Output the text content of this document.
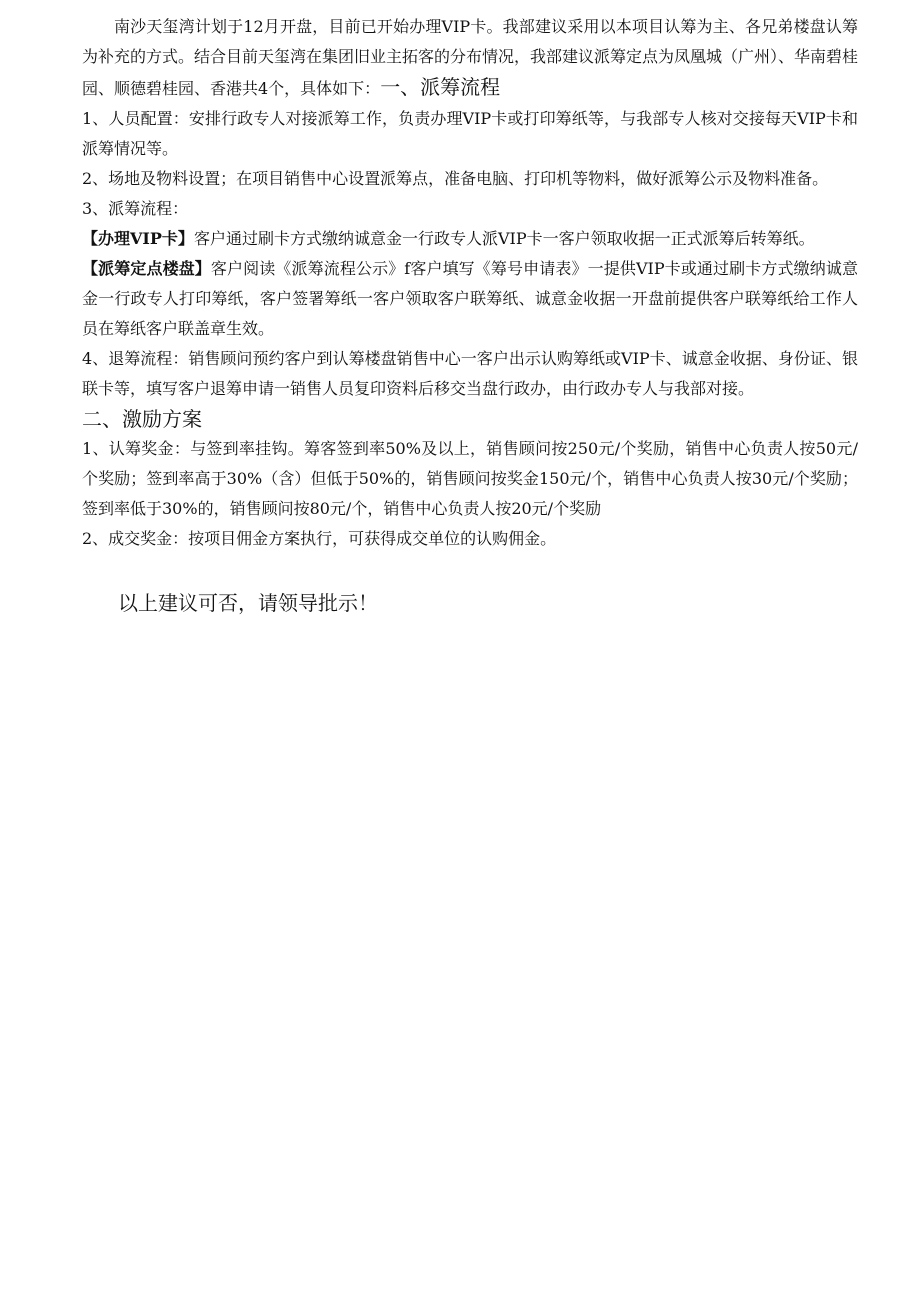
南沙天玺湾计划于12月开盘，目前已开始办理VIP卡。我部建议采用以本项目认筹为主、各兄弟楼盘认筹为补充的方式。结合目前天玺湾在集团旧业主拓客的分布情况，我部建议派筹定点为凤凰城（广州）、华南碧桂园、顺德碧桂园、香港共4个，具体如下：一、派筹流程

1、人员配置：安排行政专人对接派筹工作，负责办理VIP卡或打印筹纸等，与我部专人核对交接每天VIP卡和派筹情况等。

2、场地及物料设置；在项目销售中心设置派筹点，准备电脑、打印机等物料，做好派筹公示及物料准备。

3、派筹流程：

【办理VIP卡】客户通过刷卡方式缴纳诚意金一行政专人派VIP卡一客户领取收据一正式派筹后转筹纸。

【派筹定点楼盘】客户阅读《派筹流程公示》f客户填写《筹号申请表》一提供VIP卡或通过刷卡方式缴纳诚意金一行政专人打印筹纸，客户签署筹纸一客户领取客户联筹纸、诚意金收据一开盘前提供客户联筹纸给工作人员在筹纸客户联盖章生效。

4、退筹流程：销售顾问预约客户到认筹楼盘销售中心一客户出示认购筹纸或VIP卡、诚意金收据、身份证、银联卡等，填写客户退筹申请一销售人员复印资料后移交当盘行政办，由行政办专人与我部对接。

二、激励方案

1、认筹奖金：与签到率挂钩。筹客签到率50%及以上，销售顾问按250元/个奖励，销售中心负责人按50元/个奖励；签到率高于30%（含）但低于50%的，销售顾问按奖金150元/个，销售中心负责人按30元/个奖励；签到率低于30%的，销售顾问按80元/个，销售中心负责人按20元/个奖励

2、成交奖金：按项目佣金方案执行，可获得成交单位的认购佣金。

以上建议可否，请领导批示！
